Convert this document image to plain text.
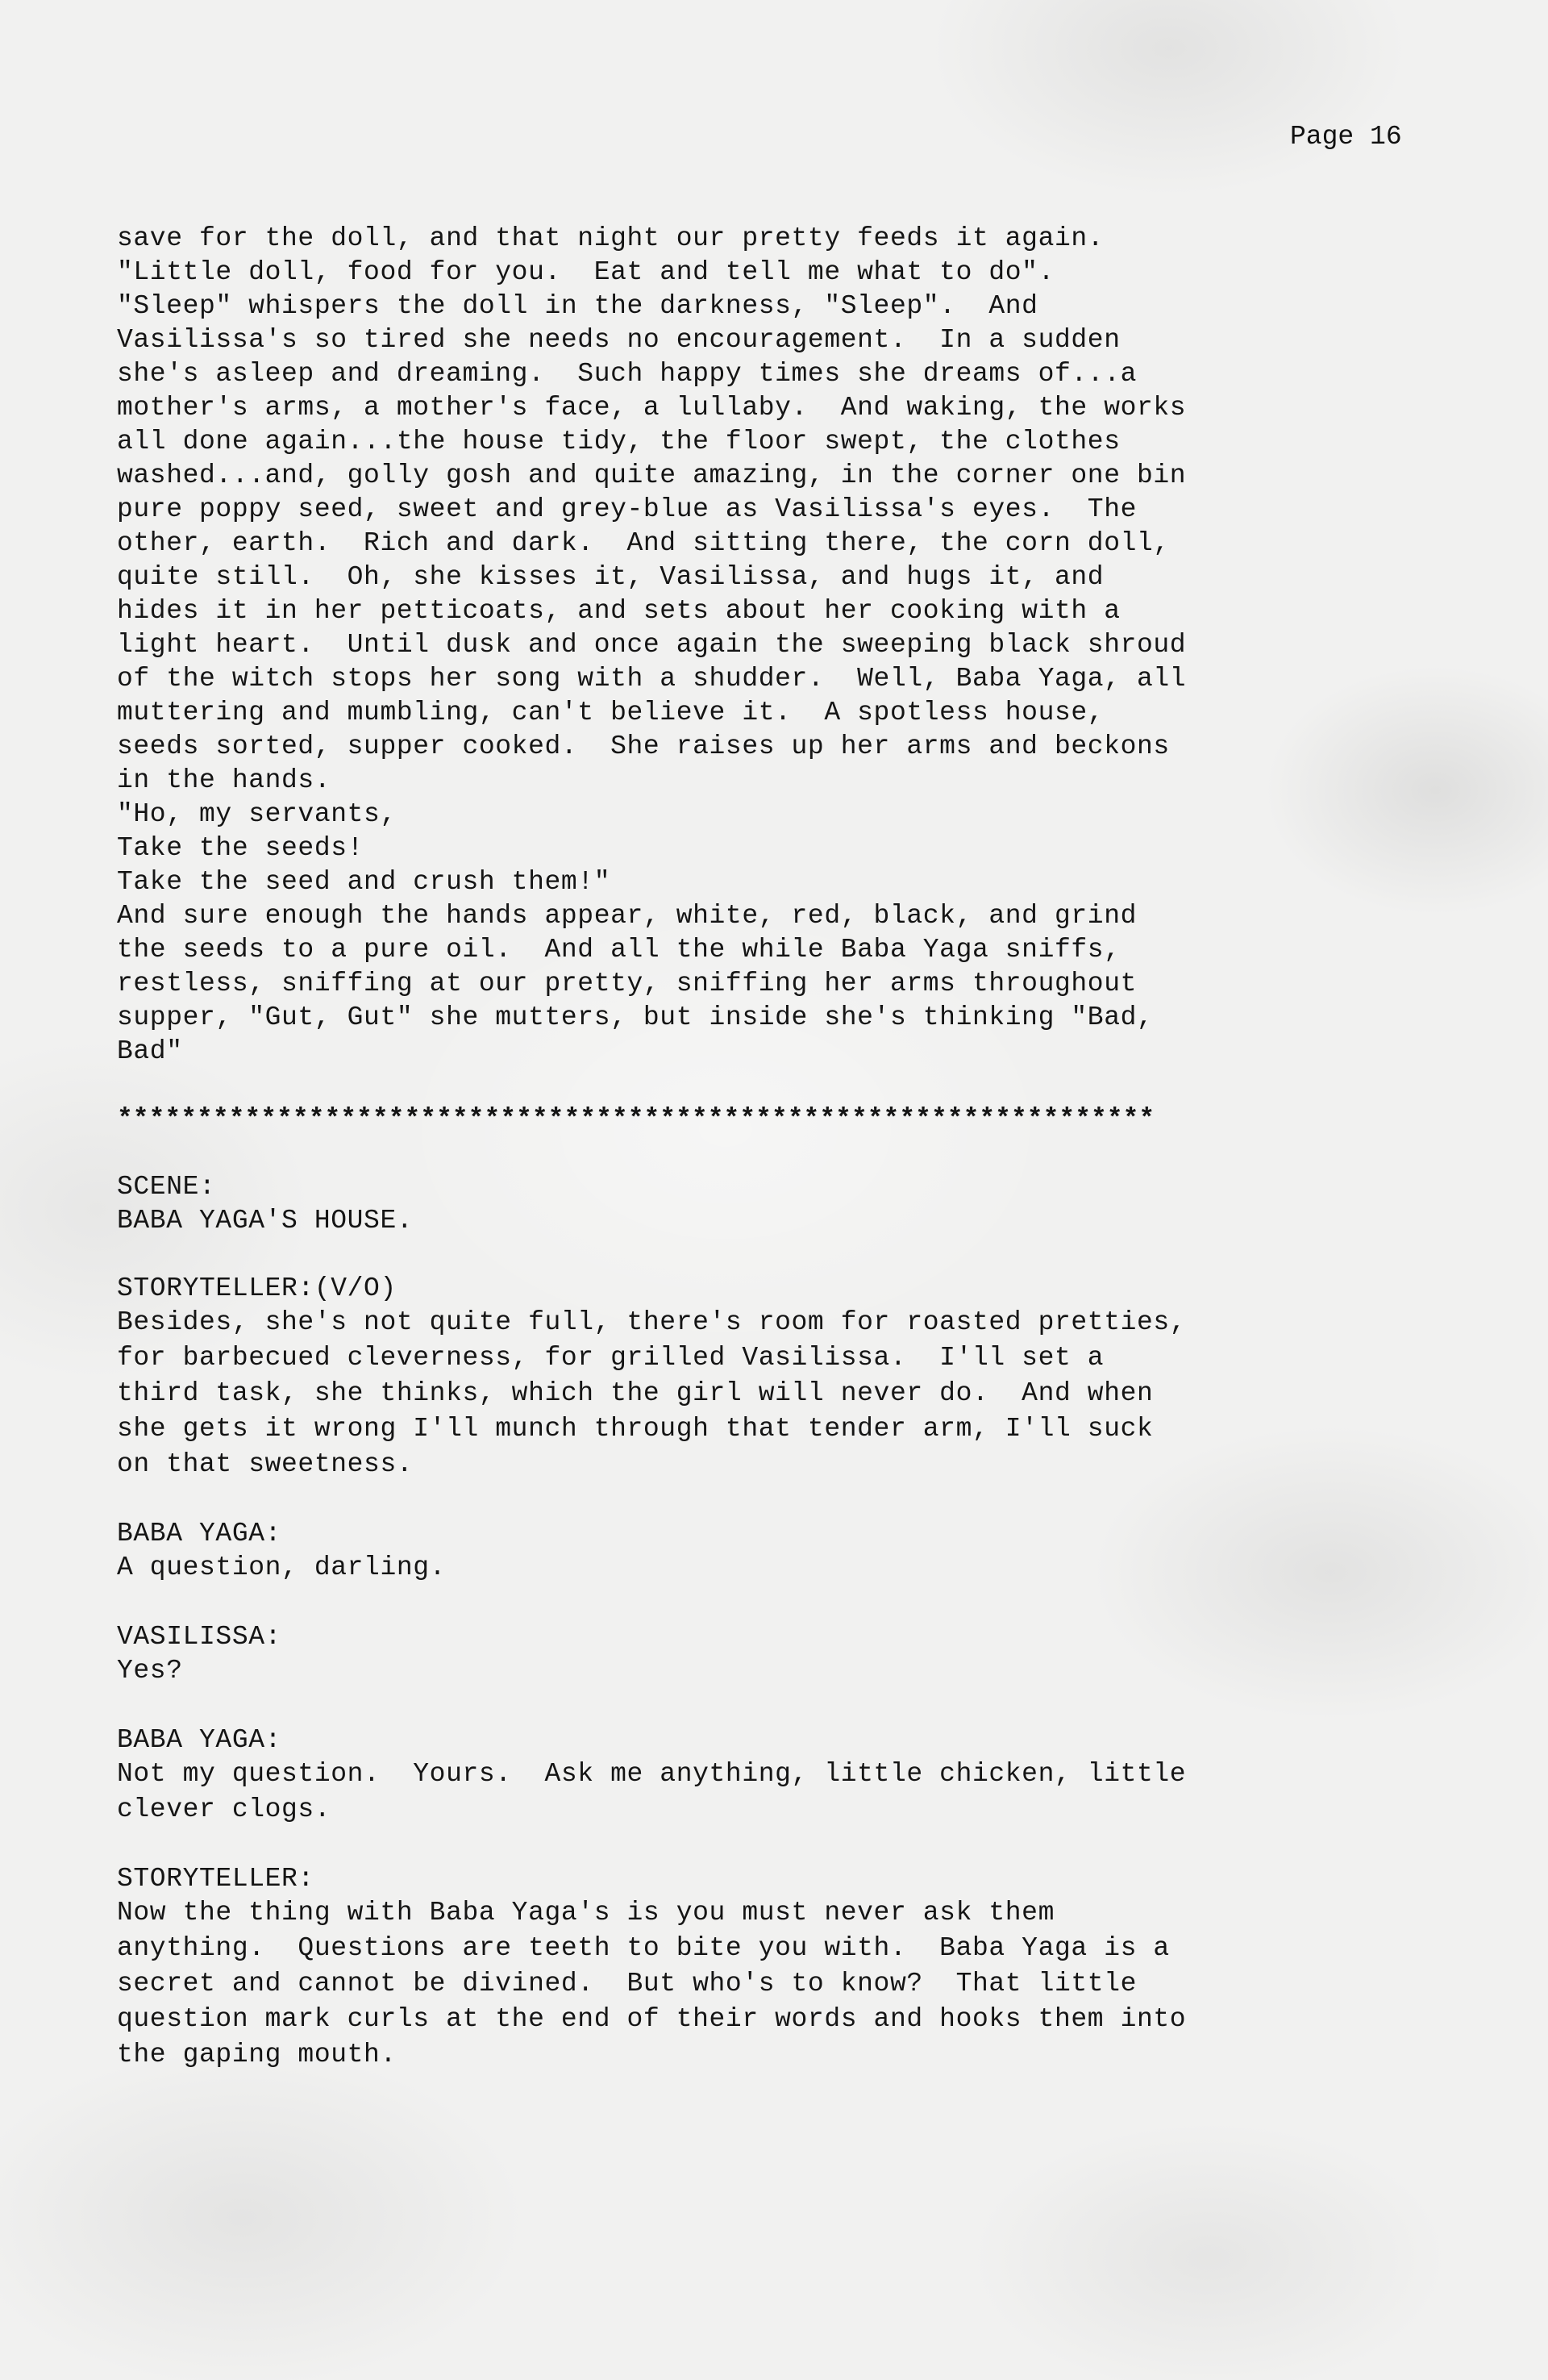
Page 16
save for the doll, and that night our pretty feeds it again.
"Little doll, food for you.  Eat and tell me what to do".
"Sleep" whispers the doll in the darkness, "Sleep".  And
Vasilissa's so tired she needs no encouragement.  In a sudden
she's asleep and dreaming.  Such happy times she dreams of...a
mother's arms, a mother's face, a lullaby.  And waking, the works
all done again...the house tidy, the floor swept, the clothes
washed...and, golly gosh and quite amazing, in the corner one bin
pure poppy seed, sweet and grey-blue as Vasilissa's eyes.  The
other, earth.  Rich and dark.  And sitting there, the corn doll,
quite still.  Oh, she kisses it, Vasilissa, and hugs it, and
hides it in her petticoats, and sets about her cooking with a
light heart.  Until dusk and once again the sweeping black shroud
of the witch stops her song with a shudder.  Well, Baba Yaga, all
muttering and mumbling, can't believe it.  A spotless house,
seeds sorted, supper cooked.  She raises up her arms and beckons
in the hands.
"Ho, my servants,
Take the seeds!
Take the seed and crush them!"
And sure enough the hands appear, white, red, black, and grind
the seeds to a pure oil.  And all the while Baba Yaga sniffs,
restless, sniffing at our pretty, sniffing her arms throughout
supper, "Gut, Gut" she mutters, but inside she's thinking "Bad,
Bad"
*****************************************************************
SCENE:
BABA YAGA'S HOUSE.
STORYTELLER:(V/O)
Besides, she's not quite full, there's room for roasted pretties,
for barbecued cleverness, for grilled Vasilissa.  I'll set a
third task, she thinks, which the girl will never do.  And when
she gets it wrong I'll munch through that tender arm, I'll suck
on that sweetness.
BABA YAGA:
A question, darling.
VASILISSA:
Yes?
BABA YAGA:
Not my question.  Yours.  Ask me anything, little chicken, little
clever clogs.
STORYTELLER:
Now the thing with Baba Yaga's is you must never ask them
anything.  Questions are teeth to bite you with.  Baba Yaga is a
secret and cannot be divined.  But who's to know?  That little
question mark curls at the end of their words and hooks them into
the gaping mouth.
